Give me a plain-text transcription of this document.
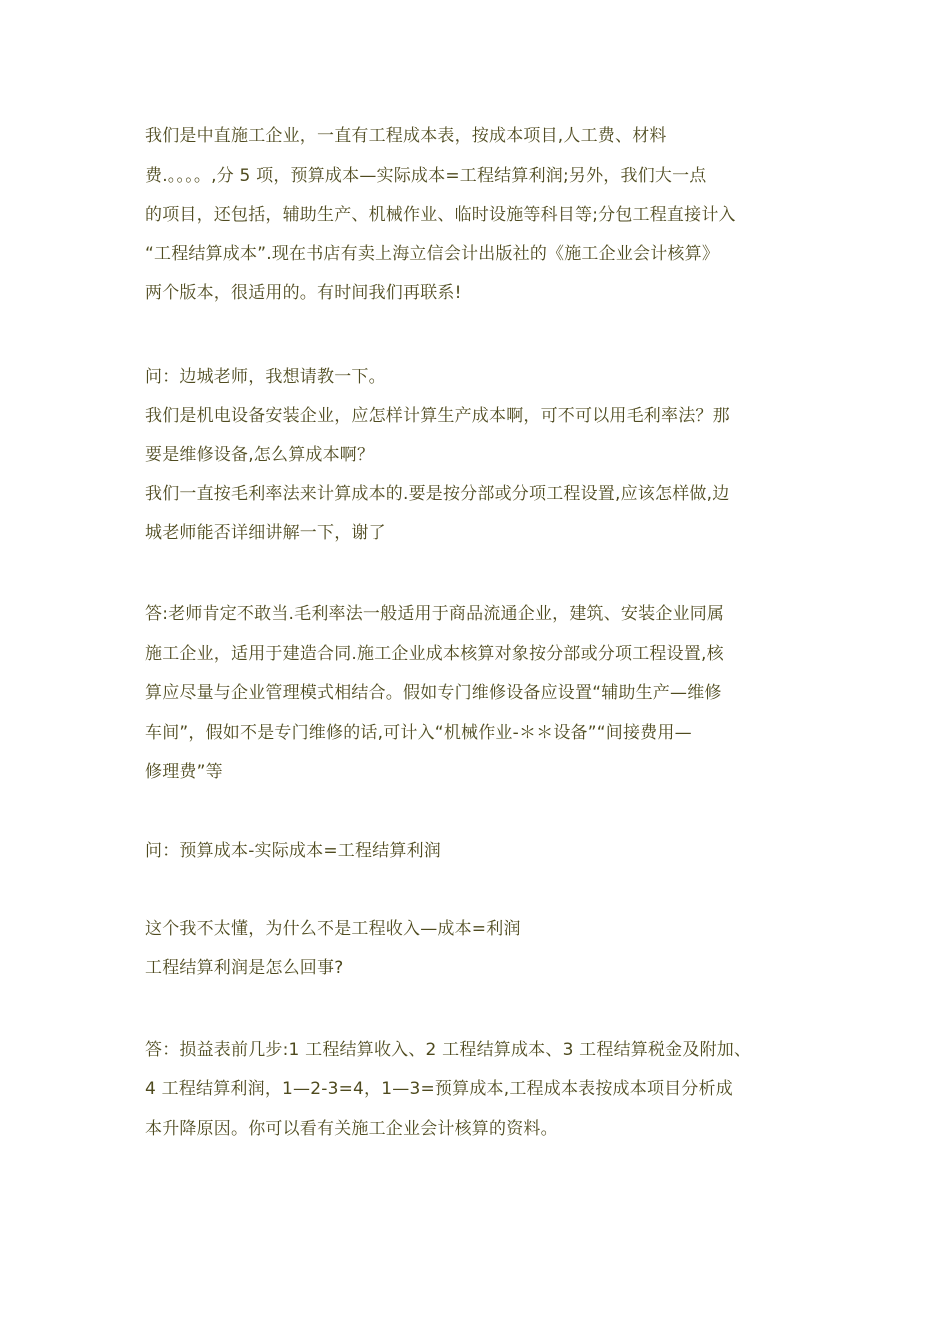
我们是中直施工企业，一直有工程成本表，按成本项目,人工费、材料
费.。。。。,分 5 项，预算成本—实际成本=工程结算利润;另外，我们大一点
的项目，还包括，辅助生产、机械作业、临时设施等科目等;分包工程直接计入
“工程结算成本”.现在书店有卖上海立信会计出版社的《施工企业会计核算》
两个版本，很适用的。有时间我们再联系!
问：边城老师，我想请教一下。
我们是机电设备安装企业，应怎样计算生产成本啊，可不可以用毛利率法？那
要是维修设备,怎么算成本啊？
我们一直按毛利率法来计算成本的.要是按分部或分项工程设置,应该怎样做,边
城老师能否详细讲解一下，谢了
答:老师肯定不敢当.毛利率法一般适用于商品流通企业，建筑、安装企业同属
施工企业，适用于建造合同.施工企业成本核算对象按分部或分项工程设置,核
算应尽量与企业管理模式相结合。假如专门维修设备应设置“辅助生产—维修
车间”，假如不是专门维修的话,可计入“机械作业-＊＊设备”“间接费用—
修理费”等
问：预算成本-实际成本=工程结算利润
这个我不太懂，为什么不是工程收入—成本=利润
工程结算利润是怎么回事?
答：损益表前几步:1 工程结算收入、2 工程结算成本、3 工程结算税金及附加、
4 工程结算利润，1—2-3=4，1—3=预算成本,工程成本表按成本项目分析成
本升降原因。你可以看有关施工企业会计核算的资料。
